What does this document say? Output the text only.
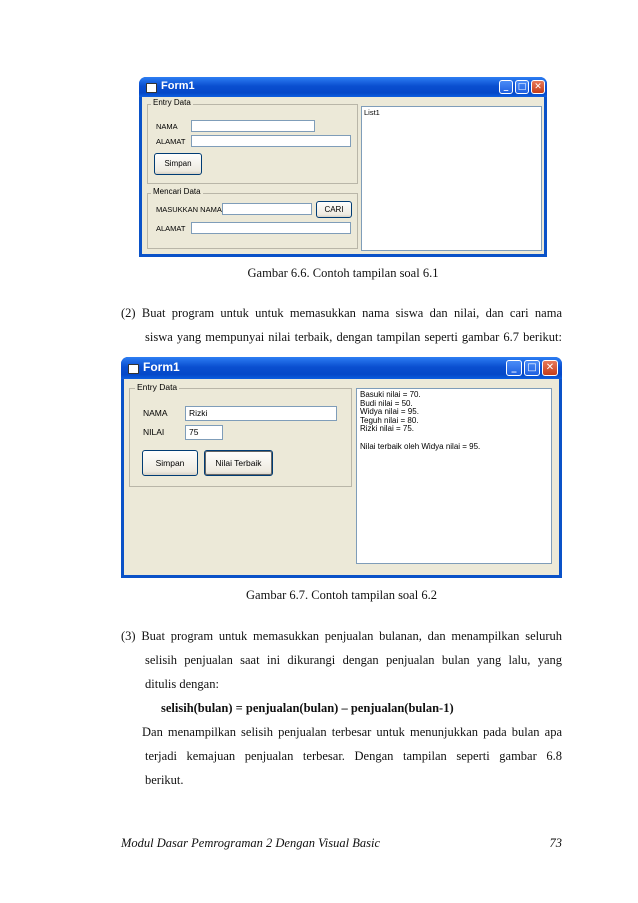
Form1	_	□ ✕
Entry Data
NAMA
ALAMAT
Simpan
Mencari Data
MASUKKAN NAMA	CARI
ALAMAT
List1
Gambar 6.6. Contoh tampilan soal 6.1
(2) Buat program untuk untuk memasukkan nama siswa dan nilai, dan cari nama
siswa yang mempunyai nilai terbaik, dengan tampilan seperti gambar 6.7 berikut:
Form1	_	□ ✕
Entry Data
NAMA	Rizki
NILAI	75
Simpan	Nilai Terbaik
Basuki nilai = 70.
Budi nilai = 50.
Widya nilai = 95.
Teguh nilai = 80.
Rizki nilai = 75.
Nilai terbaik oleh Widya nilai = 95.
Gambar 6.7. Contoh tampilan soal 6.2
(3) Buat program untuk memasukkan penjualan bulanan, dan menampilkan seluruh
selisih penjualan saat ini dikurangi dengan penjualan bulan yang lalu, yang
ditulis dengan:
selisih(bulan) = penjualan(bulan) – penjualan(bulan-1)
Dan menampilkan selisih penjualan terbesar untuk menunjukkan pada bulan apa
terjadi kemajuan penjualan terbesar. Dengan tampilan seperti gambar 6.8
berikut.
Modul Dasar Pemrograman 2 Dengan Visual Basic	73
